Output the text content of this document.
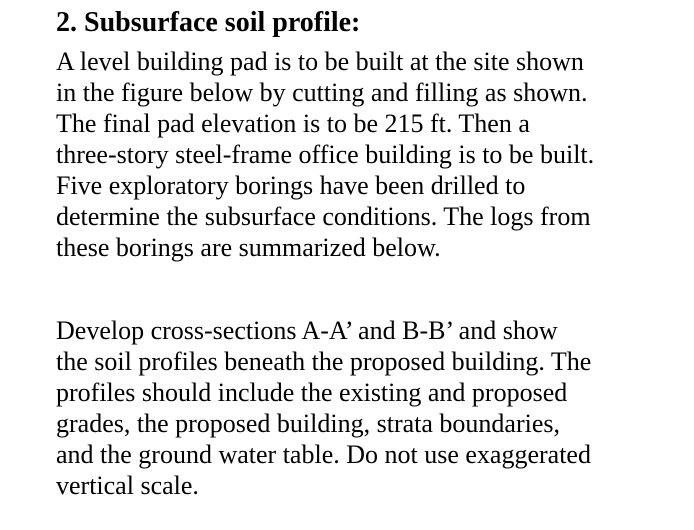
2. Subsurface soil profile:

A level building pad is to be built at the site shown
in the figure below by cutting and filling as shown.
The final pad elevation is to be 215 ft. Then a
three-story steel-frame office building is to be built.
Five exploratory borings have been drilled to
determine the subsurface conditions. The logs from
these borings are summarized below.

Develop cross-sections A-A’ and B-B’ and show
the soil profiles beneath the proposed building. The
profiles should include the existing and proposed
grades, the proposed building, strata boundaries,
and the ground water table. Do not use exaggerated
vertical scale.
